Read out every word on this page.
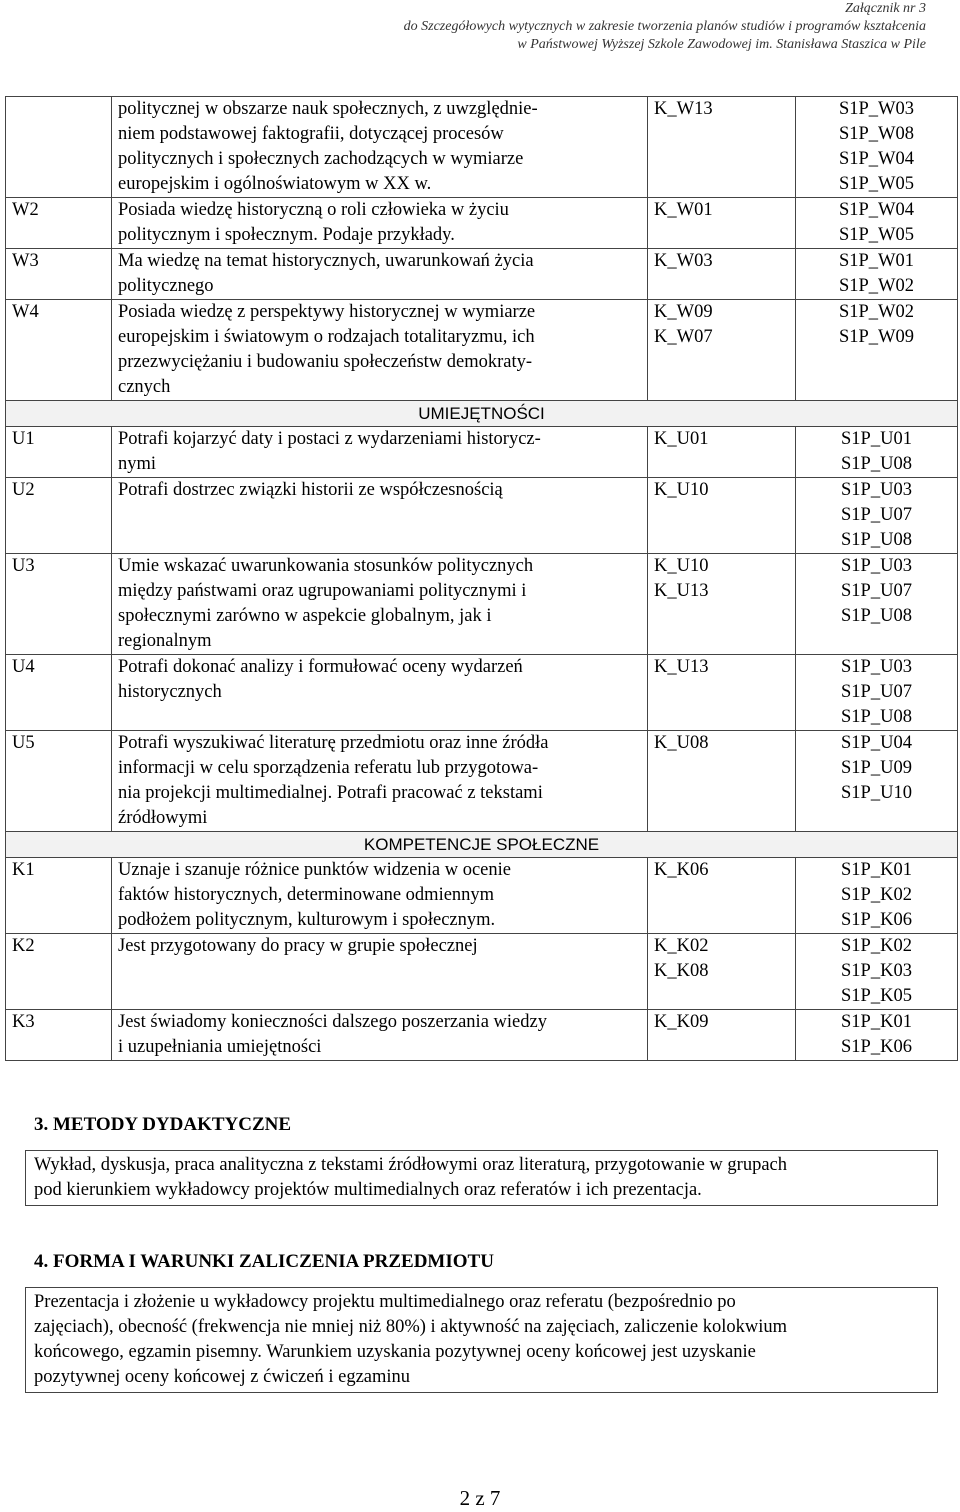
Załącznik nr 3
do Szczegółowych wytycznych w zakresie tworzenia planów studiów i programów kształcenia
w Państwowej Wyższej Szkole Zawodowej im. Stanisława Staszica w Pile

	politycznej w obszarze nauk społecznych, z uwzględnie-
niem podstawowej faktografii, dotyczącej procesów
politycznych i społecznych zachodzących w wymiarze
europejskim i ogólnoświatowym w XX w.	K_W13	S1P_W03
S1P_W08
S1P_W04
S1P_W05

W2	Posiada wiedzę historyczną o roli człowieka w życiu
politycznym i społecznym. Podaje przykłady.	K_W01	S1P_W04
S1P_W05

W3	Ma wiedzę na temat historycznych, uwarunkowań życia
politycznego	K_W03	S1P_W01
S1P_W02

W4	Posiada wiedzę z perspektywy historycznej w wymiarze
europejskim i światowym o rodzajach totalitaryzmu, ich
przezwyciężaniu i budowaniu społeczeństw demokraty-
cznych	K_W09
K_W07	S1P_W02
S1P_W09

UMIEJĘTNOŚCI			
U1	Potrafi kojarzyć daty i postaci z wydarzeniami historycz-
nymi	K_U01	S1P_U01
S1P_U08

U2	Potrafi dostrzec związki historii ze współczesnością	K_U10	S1P_U03
S1P_U07
S1P_U08

U3	Umie wskazać uwarunkowania stosunków politycznych
między państwami oraz ugrupowaniami politycznymi i
społecznymi zarówno w aspekcie globalnym, jak i
regionalnym	K_U10
K_U13	S1P_U03
S1P_U07
S1P_U08

U4	Potrafi dokonać analizy i formułować oceny wydarzeń
historycznych	K_U13	S1P_U03
S1P_U07
S1P_U08

U5	Potrafi wyszukiwać literaturę przedmiotu oraz inne źródła
informacji w celu sporządzenia referatu lub przygotowa-
nia projekcji multimedialnej. Potrafi pracować z tekstami
źródłowymi	K_U08	S1P_U04
S1P_U09
S1P_U10

KOMPETENCJE SPOŁECZNE			
K1	Uznaje i szanuje różnice punktów widzenia w ocenie
faktów historycznych, determinowane odmiennym
podłożem politycznym, kulturowym i społecznym.	K_K06	S1P_K01
S1P_K02
S1P_K06

K2	Jest przygotowany do pracy w grupie społecznej	K_K02
K_K08	S1P_K02
S1P_K03
S1P_K05

K3	Jest świadomy konieczności dalszego poszerzania wiedzy
i uzupełniania umiejętności	K_K09	S1P_K01
S1P_K06
3. METODY DYDAKTYCZNE
Wykład, dyskusja, praca analityczna z tekstami źródłowymi oraz literaturą, przygotowanie w grupach
pod kierunkiem wykładowcy projektów multimedialnych oraz referatów i ich prezentacja.
4. FORMA I WARUNKI ZALICZENIA PRZEDMIOTU
Prezentacja i złożenie u wykładowcy projektu multimedialnego oraz referatu (bezpośrednio po
zajęciach), obecność (frekwencja nie mniej niż 80%) i aktywność na zajęciach, zaliczenie kolokwium
końcowego, egzamin pisemny. Warunkiem uzyskania pozytywnej oceny końcowej jest uzyskanie
pozytywnej oceny końcowej z ćwiczeń i egzaminu
2 z 7
